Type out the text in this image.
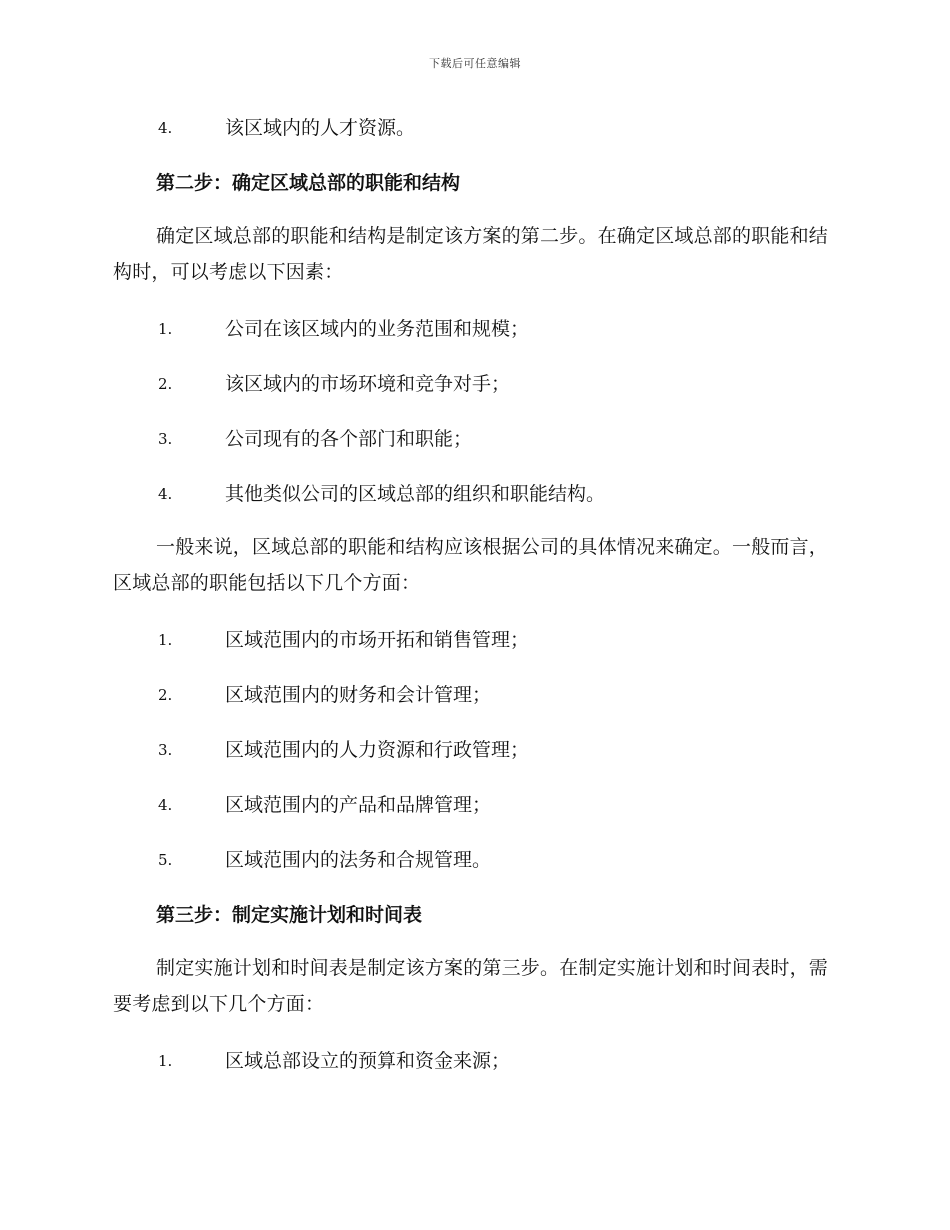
下载后可任意编辑
4.	该区域内的人才资源。
第二步：确定区域总部的职能和结构
确定区域总部的职能和结构是制定该方案的第二步。在确定区域总部的职能和结构时，可以考虑以下因素：
1.	公司在该区域内的业务范围和规模；
2.	该区域内的市场环境和竞争对手；
3.	公司现有的各个部门和职能；
4.	其他类似公司的区域总部的组织和职能结构。
一般来说，区域总部的职能和结构应该根据公司的具体情况来确定。一般而言，区域总部的职能包括以下几个方面：
1.	区域范围内的市场开拓和销售管理；
2.	区域范围内的财务和会计管理；
3.	区域范围内的人力资源和行政管理；
4.	区域范围内的产品和品牌管理；
5.	区域范围内的法务和合规管理。
第三步：制定实施计划和时间表
制定实施计划和时间表是制定该方案的第三步。在制定实施计划和时间表时，需要考虑到以下几个方面：
1.	区域总部设立的预算和资金来源；
